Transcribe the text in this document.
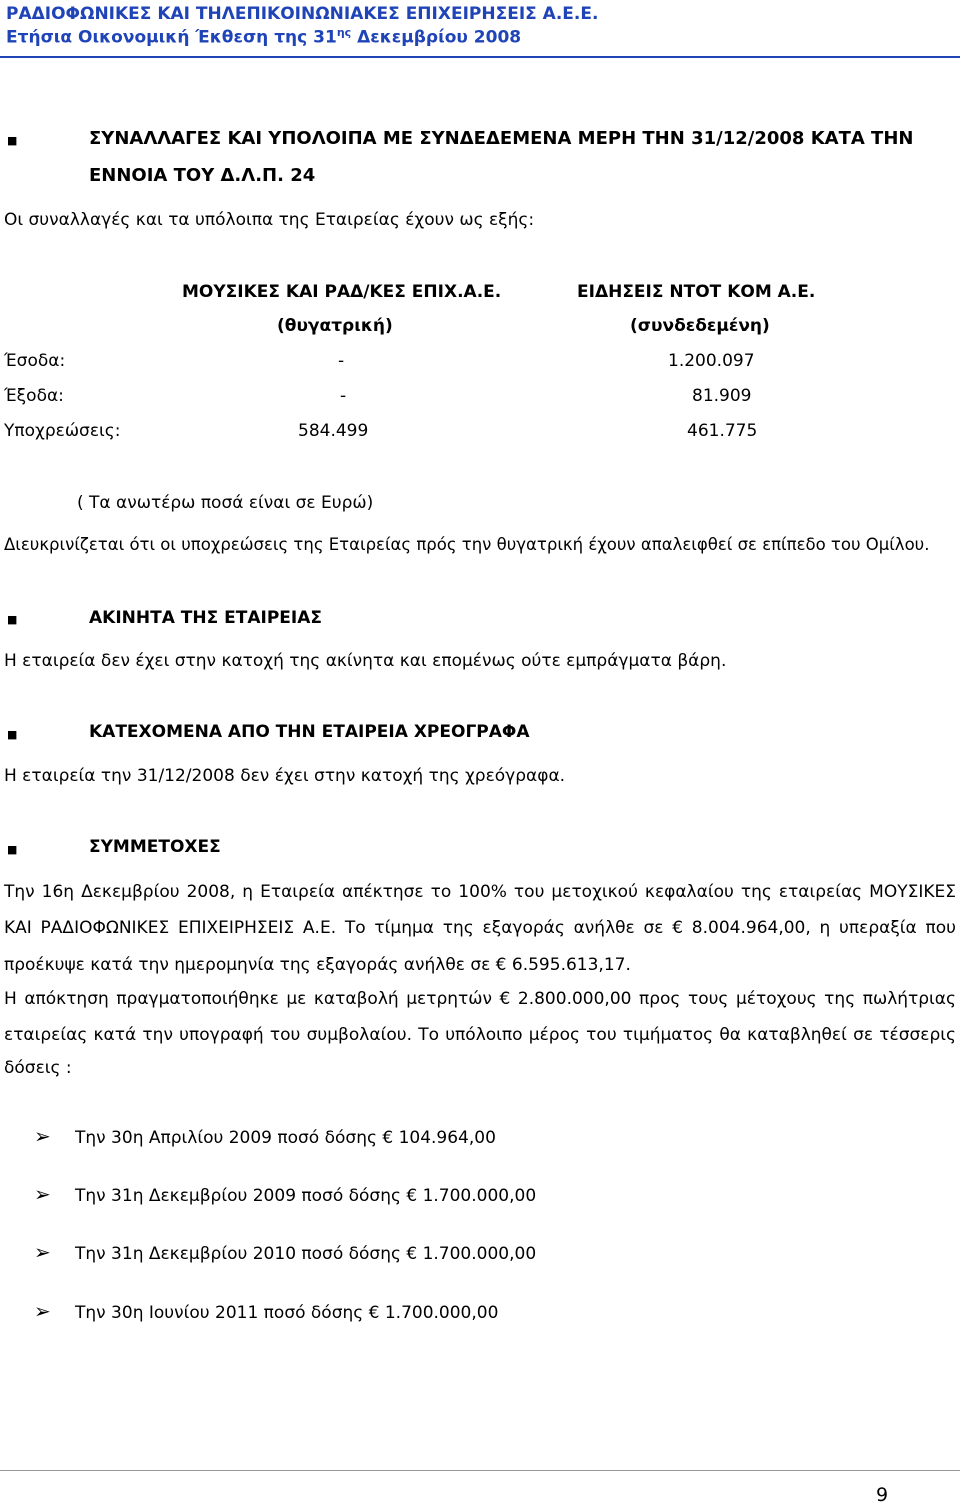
ΡΑΔΙΟΦΩΝΙΚΕΣ ΚΑΙ ΤΗΛΕΠΙΚΟΙΝΩΝΙΑΚΕΣ ΕΠΙΧΕΙΡΗΣΕΙΣ Α.Ε.Ε.
Ετήσια Οικονομική Έκθεση της $31^{\eta\varsigma}$ Δεκεμβρίου 2008
■	ΣΥΝΑΛΛΑΓΕΣ ΚΑΙ ΥΠΟΛΟΙΠΑ ΜΕ ΣΥΝΔΕΔΕΜΕΝΑ ΜΕΡΗ ΤΗΝ 31/12/2008 ΚΑΤΑ ΤΗΝ
ΕΝΝΟΙΑ ΤΟΥ Δ.Λ.Π. 24
Οι συναλλαγές και τα υπόλοιπα της Εταιρείας έχουν ως εξής:
ΜΟΥΣΙΚΕΣ ΚΑΙ ΡΑΔ/ΚΕΣ ΕΠΙΧ.Α.Ε.
(θυγατρική)
ΕΙΔΗΣΕΙΣ ΝΤΟΤ ΚΟΜ Α.Ε.
(συνδεδεμένη)
Έσοδα:	-	1.200.097
Έξοδα:	-	81.909
Υποχρεώσεις:	584.499	461.775
( Τα ανωτέρω ποσά είναι σε Ευρώ)
Διευκρινίζεται ότι οι υποχρεώσεις της Εταιρείας πρός την θυγατρική έχουν απαλειφθεί σε επίπεδο του Ομίλου.
■	ΑΚΙΝΗΤΑ ΤΗΣ ΕΤΑΙΡΕΙΑΣ
Η εταιρεία δεν έχει στην κατοχή της ακίνητα και επομένως ούτε εμπράγματα βάρη.
■	ΚΑΤΕΧΟΜΕΝΑ ΑΠΟ ΤΗΝ ΕΤΑΙΡΕΙΑ ΧΡΕΟΓΡΑΦΑ
Η εταιρεία την 31/12/2008 δεν έχει στην κατοχή της χρεόγραφα.
■	ΣΥΜΜΕΤΟΧΕΣ
Την 16η Δεκεμβρίου 2008, η Εταιρεία απέκτησε το 100% του μετοχικού κεφαλαίου της εταιρείας ΜΟΥΣΙΚΕΣ
ΚΑΙ ΡΑΔΙΟΦΩΝΙΚΕΣ ΕΠΙΧΕΙΡΗΣΕΙΣ Α.Ε. Το τίμημα της εξαγοράς ανήλθε σε € 8.004.964,00, η υπεραξία που
προέκυψε κατά την ημερομηνία της εξαγοράς ανήλθε σε € 6.595.613,17.
Η απόκτηση πραγματοποιήθηκε με καταβολή μετρητών € 2.800.000,00 προς τους μέτοχους της πωλήτριας
εταιρείας κατά την υπογραφή του συμβολαίου. Το υπόλοιπο μέρος του τιμήματος θα καταβληθεί σε τέσσερις
δόσεις :
➢ Την 30η Απριλίου 2009 ποσό δόσης € 104.964,00
➢ Την 31η Δεκεμβρίου 2009 ποσό δόσης € 1.700.000,00
➢ Την 31η Δεκεμβρίου 2010 ποσό δόσης € 1.700.000,00
➢ Την 30η Ιουνίου 2011 ποσό δόσης € 1.700.000,00
9
